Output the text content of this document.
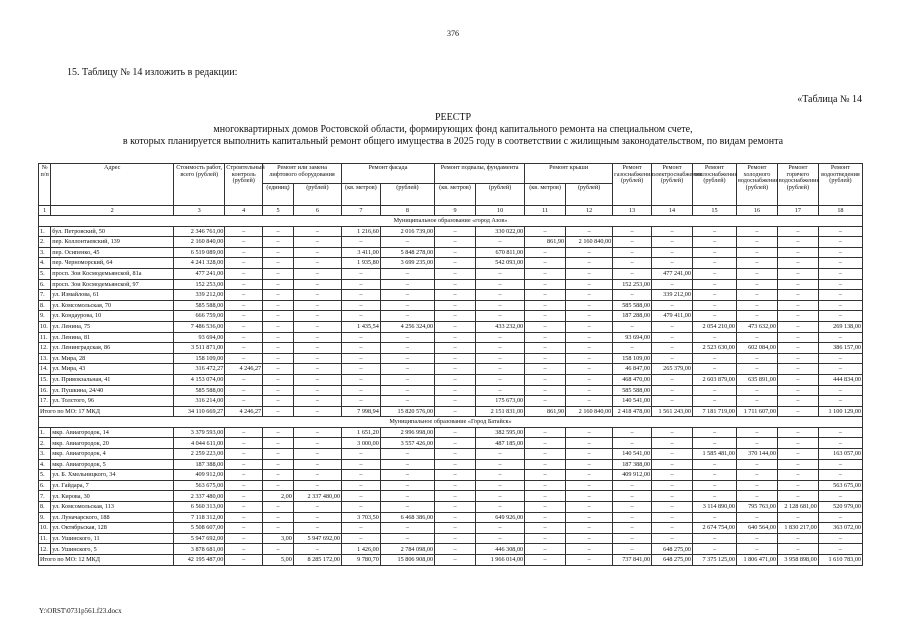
376
15. Таблицу № 14 изложить в редакции:
«Таблица № 14
РЕЕСТР
многоквартирных домов Ростовской области, формирующих фонд капитального ремонта на специальном счете,
в которых планируется выполнить капитальный ремонт общего имущества в 2025 году в соответствии с жилищным законодательством, по видам ремонта
№ п/п	Адрес	Стоимость работ, всего (рублей)	Строительный контроль (рублей)	Ремонт или замена лифтового оборудования		Ремонт фасада		Ремонт подвалы, фундамента		Ремонт крыши		Ремонт газоснабжения (рублей)	Ремонт электроснабжения (рублей)	Ремонт теплоснабжения (рублей)	Ремонт холодного водоснабжения (рублей)	Ремонт горячего водоснабжения (рублей)	Ремонт водоотведения (рублей)
				(единиц)	(рублей)	(кв. метров)	(рублей)	(кв. метров)	(рублей)	(кв. метров)	(рублей)						
1	2	3	4	5	6	7	8	9	10	11	12	13	14	15	16	17	18
Муниципальное образование «город Азов»																	
1.	бул. Петровский, 50	2 346 761,00	–	–	–	1 216,60	2 016 739,00	–	330 022,00	–	–	–	–	–	–	–	–
2.	пер. Коллонтаевский, 139	2 160 840,00	–	–	–	–	–	–	–	861,90	2 160 840,00	–	–	–	–	–	–
3.	пер. Осипенко, 45	6 519 089,00	–	–	–	3 411,00	5 848 278,00	–	670 811,00	–	–	–	–	–	–	–	–
4.	пер. Черноморский, 64	4 241 328,00	–	–	–	1 935,80	3 699 235,00	–	542 093,00	–	–	–	–	–	–	–	–
5.	просп. Зои Космодемьянской, 81а	477 241,00	–	–	–	–	–	–	–	–	–	–	477 241,00	–	–	–	–
6.	просп. Зои Космодемьянской, 97	152 253,00	–	–	–	–	–	–	–	–	–	152 253,00	–	–	–	–	–
7.	ул. Измайлова, 61	339 212,00	–	–	–	–	–	–	–	–	–	–	339 212,00	–	–	–	–
8.	ул. Комсомольская, 70	585 588,00	–	–	–	–	–	–	–	–	–	585 588,00	–	–	–	–	–
9.	ул. Кондаурова, 10	666 759,00	–	–	–	–	–	–	–	–	–	187 288,00	479 411,00	–	–	–	–
10.	ул. Ленина, 75	7 486 536,00	–	–	–	1 435,54	4 256 324,00	–	433 232,00	–	–	–	–	2 054 210,00	473 632,00	–	269 138,00
11.	ул. Ленина, 81	93 694,00	–	–	–	–	–	–	–	–	–	93 694,00	–	–	–	–	–
12.	ул. Ленинградская, 86	3 511 871,00	–	–	–	–	–	–	–	–	–	–	–	2 523 630,00	602 084,00	–	386 157,00
13.	ул. Мира, 28	158 109,00	–	–	–	–	–	–	–	–	–	158 109,00	–	–	–	–	–
14.	ул. Мира, 43	316 472,27	4 246,27	–	–	–	–	–	–	–	–	46 847,00	265 379,00	–	–	–	–
15.	ул. Привокзальная, 41	4 153 074,00	–	–	–	–	–	–	–	–	–	468 470,00	–	2 603 879,00	635 891,00	–	444 834,00
16.	ул. Пушкина, 24/40	585 588,00	–	–	–	–	–	–	–	–	–	585 588,00	–	–	–	–	–
17.	ул. Толстого, 96	316 214,00	–	–	–	–	–	–	175 673,00	–	–	140 541,00	–	–	–	–	–
Итого по МО: 17 МКД		34 110 669,27	4 246,27	–	–	7 998,94	15 820 576,00	–	2 151 831,00	861,90	2 160 840,00	2 418 478,00	1 561 243,00	7 181 719,00	1 711 607,00	–	1 100 129,00
Муниципальное образование «Город Батайск»																	
1.	мкр. Авиагородок, 14	3 379 593,00	–	–	–	1 651,20	2 996 998,00	–	382 595,00	–	–	–	–	–	–	–	–
2.	мкр. Авиагородок, 20	4 044 611,00	–	–	–	3 000,00	3 557 426,00	–	487 185,00	–	–	–	–	–	–	–	–
3.	мкр. Авиагородок, 4	2 259 223,00	–	–	–	–	–	–	–	–	–	140 541,00	–	1 585 481,00	370 144,00	–	163 057,00
4.	мкр. Авиагородок, 5	187 388,00	–	–	–	–	–	–	–	–	–	187 388,00	–	–	–	–	–
5.	ул. Б. Хмельницкого, 34	409 912,00	–	–	–	–	–	–	–	–	–	409 912,00	–	–	–	–	–
6.	ул. Гайдара, 7	563 675,00	–	–	–	–	–	–	–	–	–	–	–	–	–	–	563 675,00
7.	ул. Кирова, 30	2 337 480,00	–	2,00	2 337 480,00	–	–	–	–	–	–	–	–	–	–	–	–
8.	ул. Комсомольская, 113	6 560 313,00	–	–	–	–	–	–	–	–	–	–	–	3 114 890,00	795 763,00	2 128 681,00	520 979,00
9.	ул. Луначарского, 188	7 118 312,00	–	–	–	3 703,50	6 468 386,00	–	649 926,00	–	–	–	–	–	–	–	–
10.	ул. Октябрьская, 128	5 508 607,00	–	–	–	–	–	–	–	–	–	–	–	2 674 754,00	640 564,00	1 830 217,00	363 072,00
11.	ул. Ушинского, 11	5 947 692,00	–	3,00	5 947 692,00	–	–	–	–	–	–	–	–	–	–	–	–
12.	ул. Ушинского, 5	3 878 681,00	–	–	–	1 426,00	2 784 098,00	–	446 308,00	–	–	–	648 275,00	–	–	–	–
Итого по МО: 12 МКД		42 195 487,00	–	5,00	8 285 172,00	9 780,70	15 806 908,00	–	1 966 014,00	–	–	737 841,00	648 275,00	7 375 125,00	1 806 471,00	3 958 898,00	1 610 783,00
Y:\ORST\0731p561.f23.docx
